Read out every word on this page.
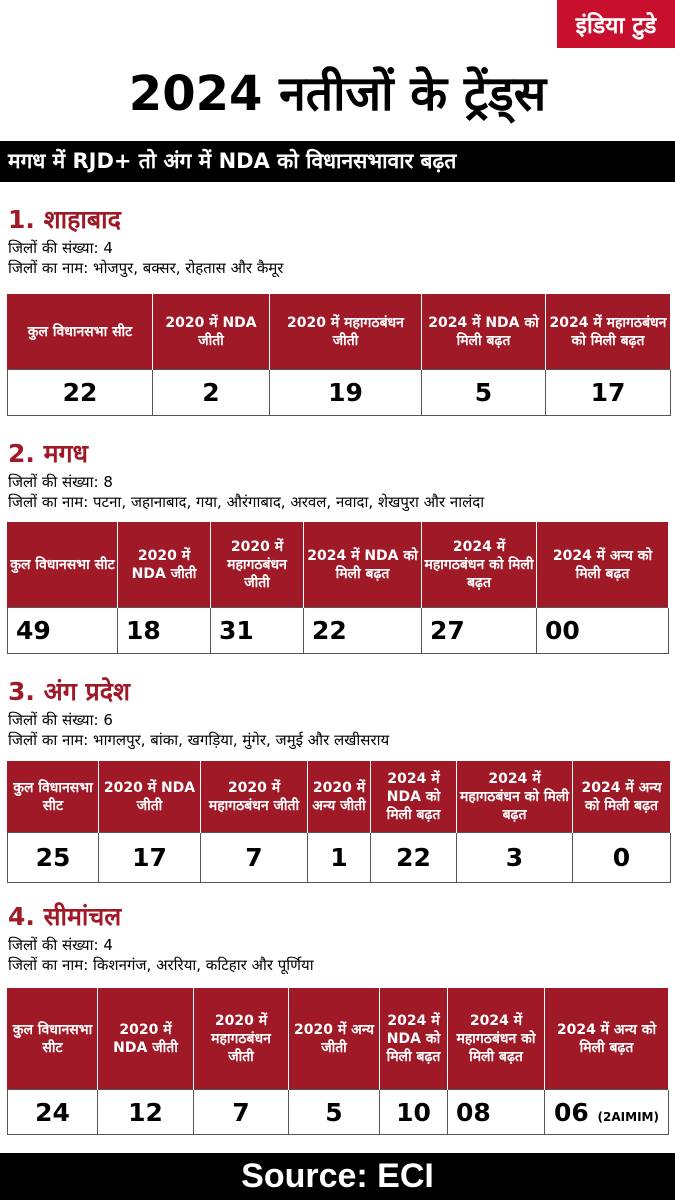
इंडिया टुडे
2024 नतीजों के ट्रेंड्स
मगध में RJD+ तो अंग में NDA को विधानसभावार बढ़त
1. शाहाबाद
जिलों की संख्या: 4
जिलों का नाम: भोजपुर, बक्सर, रोहतास और कैमूर
कुल विधानसभा सीट	2020 में NDA जीती	2020 में महागठबंधन जीती	2024 में NDA को मिली बढ़त	2024 में महागठबंधन को मिली बढ़त
22	2	19	5	17
2. मगध
जिलों की संख्या: 8
जिलों का नाम: पटना, जहानाबाद, गया, औरंगाबाद, अरवल, नवादा, शेखपुरा और नालंदा
कुल विधानसभा सीट	2020 में NDA जीती	2020 में महागठबंधन जीती	2024 में NDA को मिली बढ़त	2024 में महागठबंधन को मिली बढ़त	2024 में अन्य को मिली बढ़त
49	18	31	22	27	00
3. अंग प्रदेश
जिलों की संख्या: 6
जिलों का नाम: भागलपुर, बांका, खगड़िया, मुंगेर, जमुई और लखीसराय
कुल विधानसभा सीट	2020 में NDA जीती	2020 में महागठबंधन जीती	2020 में अन्य जीती	2024 में NDA को मिली बढ़त	2024 में महागठबंधन को मिली बढ़त	2024 में अन्य को मिली बढ़त
25	17	7	1	22	3	0
4. सीमांचल
जिलों की संख्या: 4
जिलों का नाम: किशनगंज, अररिया, कटिहार और पूर्णिया
कुल विधानसभा सीट	2020 में NDA जीती	2020 में महागठबंधन जीती	2020 में अन्य जीती	2024 में NDA को मिली बढ़त	2024 में महागठबंधन को मिली बढ़त	2024 में अन्य को मिली बढ़त
24	12	7	5	10	08	06 (2AIMIM)
Source: ECI
